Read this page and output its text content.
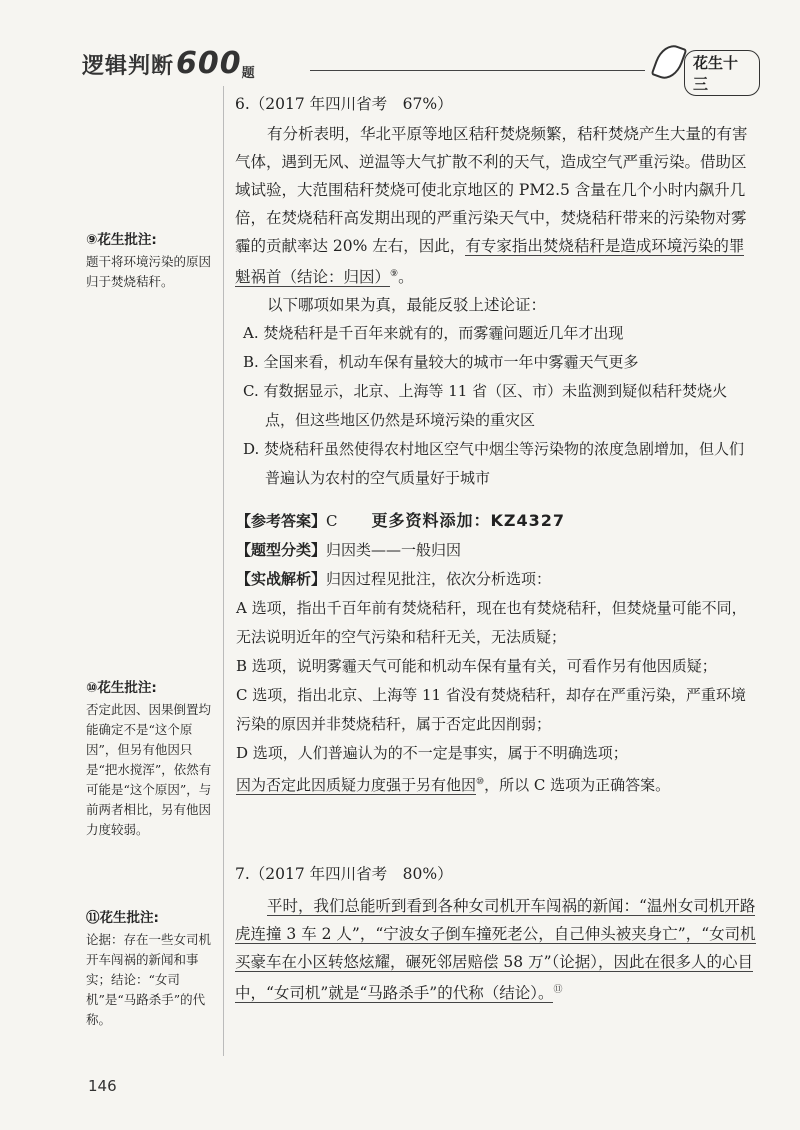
逻辑判断600题
花生十三
⑨花生批注:
题干将环境污染的原因归于焚烧秸秆。
⑩花生批注:
否定此因、因果倒置均能确定不是“这个原因”，但另有他因只是“把水搅浑”，依然有可能是“这个原因”，与前两者相比，另有他因力度较弱。
⑪花生批注:
论据：存在一些女司机开车闯祸的新闻和事实；结论：“女司机”是“马路杀手”的代称。
6.（2017 年四川省考　67%）

有分析表明，华北平原等地区秸秆焚烧频繁，秸秆焚烧产生大量的有害气体，遇到无风、逆温等大气扩散不利的天气，造成空气严重污染。借助区域试验，大范围秸秆焚烧可使北京地区的 PM2.5 含量在几个小时内飙升几倍，在焚烧秸秆高发期出现的严重污染天气中，焚烧秸秆带来的污染物对雾霾的贡献率达 20% 左右，因此，有专家指出焚烧秸秆是造成环境污染的罪魁祸首（结论：归因）⑨。

以下哪项如果为真，最能反驳上述论证：

A. 焚烧秸秆是千百年来就有的，而雾霾问题近几年才出现

B. 全国来看，机动车保有量较大的城市一年中雾霾天气更多

C. 有数据显示，北京、上海等 11 省（区、市）未监测到疑似秸秆焚烧火点，但这些地区仍然是环境污染的重灾区

D. 焚烧秸秆虽然使得农村地区空气中烟尘等污染物的浓度急剧增加，但人们普遍认为农村的空气质量好于城市

【参考答案】C 更多资料添加：KZ4327

【题型分类】归因类——一般归因

【实战解析】归因过程见批注，依次分析选项：

A 选项，指出千百年前有焚烧秸秆，现在也有焚烧秸秆，但焚烧量可能不同，无法说明近年的空气污染和秸秆无关，无法质疑；

B 选项，说明雾霾天气可能和机动车保有量有关，可看作另有他因质疑；

C 选项，指出北京、上海等 11 省没有焚烧秸秆，却存在严重污染，严重环境污染的原因并非焚烧秸秆，属于否定此因削弱；

D 选项，人们普遍认为的不一定是事实，属于不明确选项；

因为否定此因质疑力度强于另有他因⑩，所以 C 选项为正确答案。

7.（2017 年四川省考　80%）

平时，我们总能听到看到各种女司机开车闯祸的新闻：“温州女司机开路虎连撞 3 车 2 人”，“宁波女子倒车撞死老公，自己伸头被夹身亡”，“女司机买豪车在小区转悠炫耀，碾死邻居赔偿 58 万”（论据），因此在很多人的心目中，“女司机”就是“马路杀手”的代称（结论）。⑪

146
